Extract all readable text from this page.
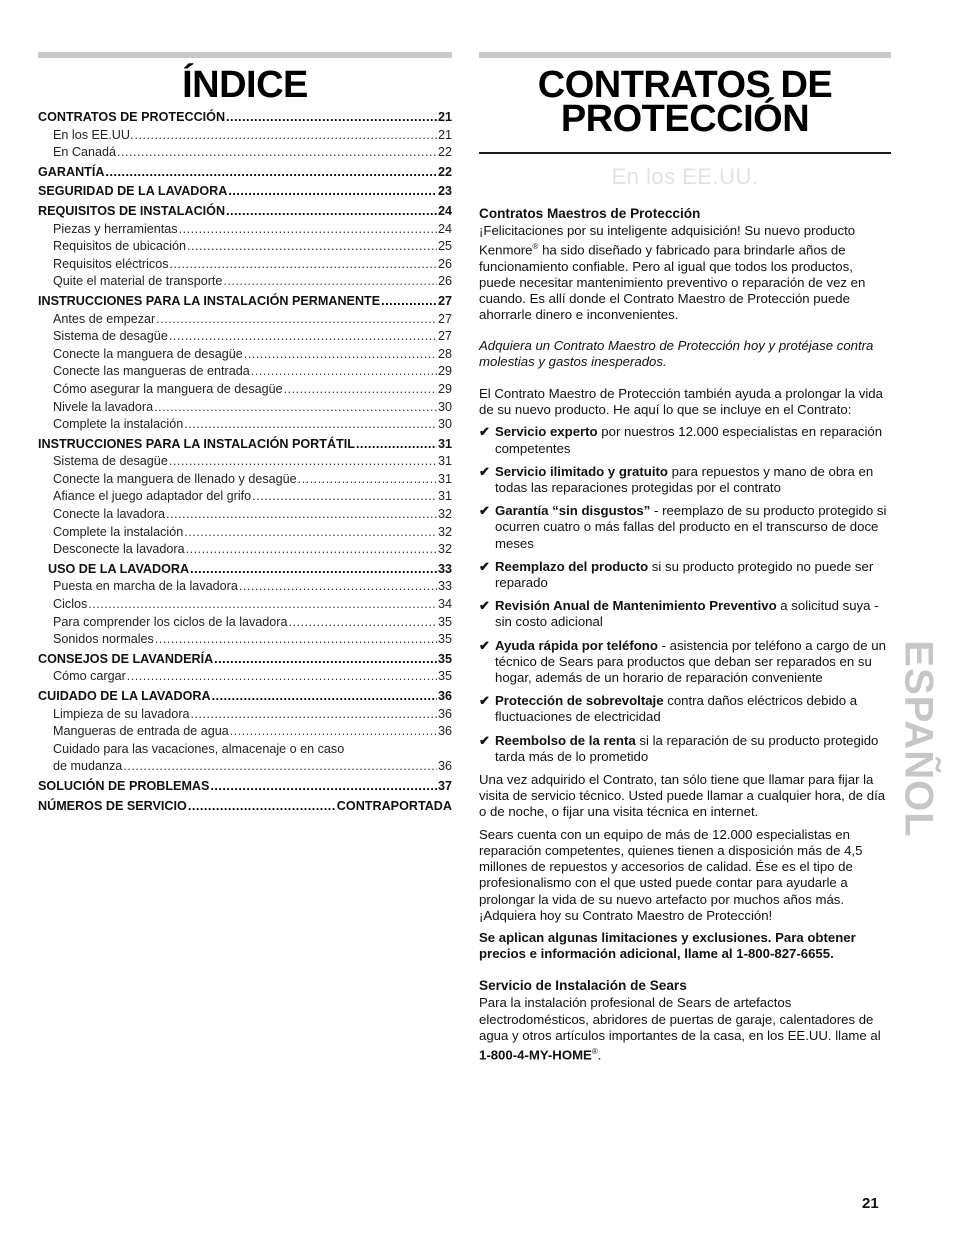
ÍNDICE
CONTRATOS DE PROTECCIÓN .....	21
En los EE.UU. .....	21
En Canadá .....	22
GARANTÍA .....	22
SEGURIDAD DE LA LAVADORA .....	23
REQUISITOS DE INSTALACIÓN .....	24
Piezas y herramientas .....	24
Requisitos de ubicación .....	25
Requisitos eléctricos .....	26
Quite el material de transporte .....	26
INSTRUCCIONES PARA LA INSTALACIÓN PERMANENTE .....	27
Antes de empezar .....	27
Sistema de desagüe .....	27
Conecte la manguera de desagüe .....	28
Conecte las mangueras de entrada .....	29
Cómo asegurar la manguera de desagüe .....	29
Nivele la lavadora .....	30
Complete la instalación .....	30
INSTRUCCIONES PARA LA INSTALACIÓN PORTÁTIL .....	31
Sistema de desagüe .....	31
Conecte la manguera de llenado y desagüe .....	31
Afiance el juego adaptador del grifo .....	31
Conecte la lavadora .....	32
Complete la instalación .....	32
Desconecte la lavadora .....	32
USO DE LA LAVADORA .....	33
Puesta en marcha de la lavadora .....	33
Ciclos .....	34
Para comprender los ciclos de la lavadora .....	35
Sonidos normales .....	35
CONSEJOS DE LAVANDERÍA .....	35
Cómo cargar .....	35
CUIDADO DE LA LAVADORA .....	36
Limpieza de su lavadora .....	36
Mangueras de entrada de agua .....	36
Cuidado para las vacaciones, almacenaje o en caso
de mudanza .....	36
SOLUCIÓN DE PROBLEMAS .....	37
NÚMEROS DE SERVICIO .....	CONTRAPORTADA
CONTRATOS DE
PROTECCIÓN
En los EE.UU.
Contratos Maestros de Protección

¡Felicitaciones por su inteligente adquisición! Su nuevo producto Kenmore® ha sido diseñado y fabricado para brindarle años de funcionamiento confiable. Pero al igual que todos los productos, puede necesitar mantenimiento preventivo o reparación de vez en cuando. Es allí donde el Contrato Maestro de Protección puede ahorrarle dinero e inconvenientes.

Adquiera un Contrato Maestro de Protección hoy y protéjase contra molestias y gastos inesperados.

El Contrato Maestro de Protección también ayuda a prolongar la vida de su nuevo producto. He aquí lo que se incluye en el Contrato:

✔ Servicio experto por nuestros 12.000 especialistas en reparación competentes
✔ Servicio ilimitado y gratuito para repuestos y mano de obra en todas las reparaciones protegidas por el contrato
✔ Garantía “sin disgustos” - reemplazo de su producto protegido si ocurren cuatro o más fallas del producto en el transcurso de doce meses
✔ Reemplazo del producto si su producto protegido no puede ser reparado
✔ Revisión Anual de Mantenimiento Preventivo a solicitud suya - sin costo adicional
✔ Ayuda rápida por teléfono - asistencia por teléfono a cargo de un técnico de Sears para productos que deban ser reparados en su hogar, además de un horario de reparación conveniente
✔ Protección de sobrevoltaje contra daños eléctricos debido a fluctuaciones de electricidad
✔ Reembolso de la renta si la reparación de su producto protegido tarda más de lo prometido

Una vez adquirido el Contrato, tan sólo tiene que llamar para fijar la visita de servicio técnico. Usted puede llamar a cualquier hora, de día o de noche, o fijar una visita técnica en internet.

Sears cuenta con un equipo de más de 12.000 especialistas en reparación competentes, quienes tienen a disposición más de 4,5 millones de repuestos y accesorios de calidad. Ése es el tipo de profesionalismo con el que usted puede contar para ayudarle a prolongar la vida de su nuevo artefacto por muchos años más. ¡Adquiera hoy su Contrato Maestro de Protección!

Se aplican algunas limitaciones y exclusiones. Para obtener precios e información adicional, llame al 1-800-827-6655.

Servicio de Instalación de Sears

Para la instalación profesional de Sears de artefactos electrodomésticos, abridores de puertas de garaje, calentadores de agua y otros artículos importantes de la casa, en los EE.UU. llame al 1-800-4-MY-HOME®.

ESPAÑOL
21
